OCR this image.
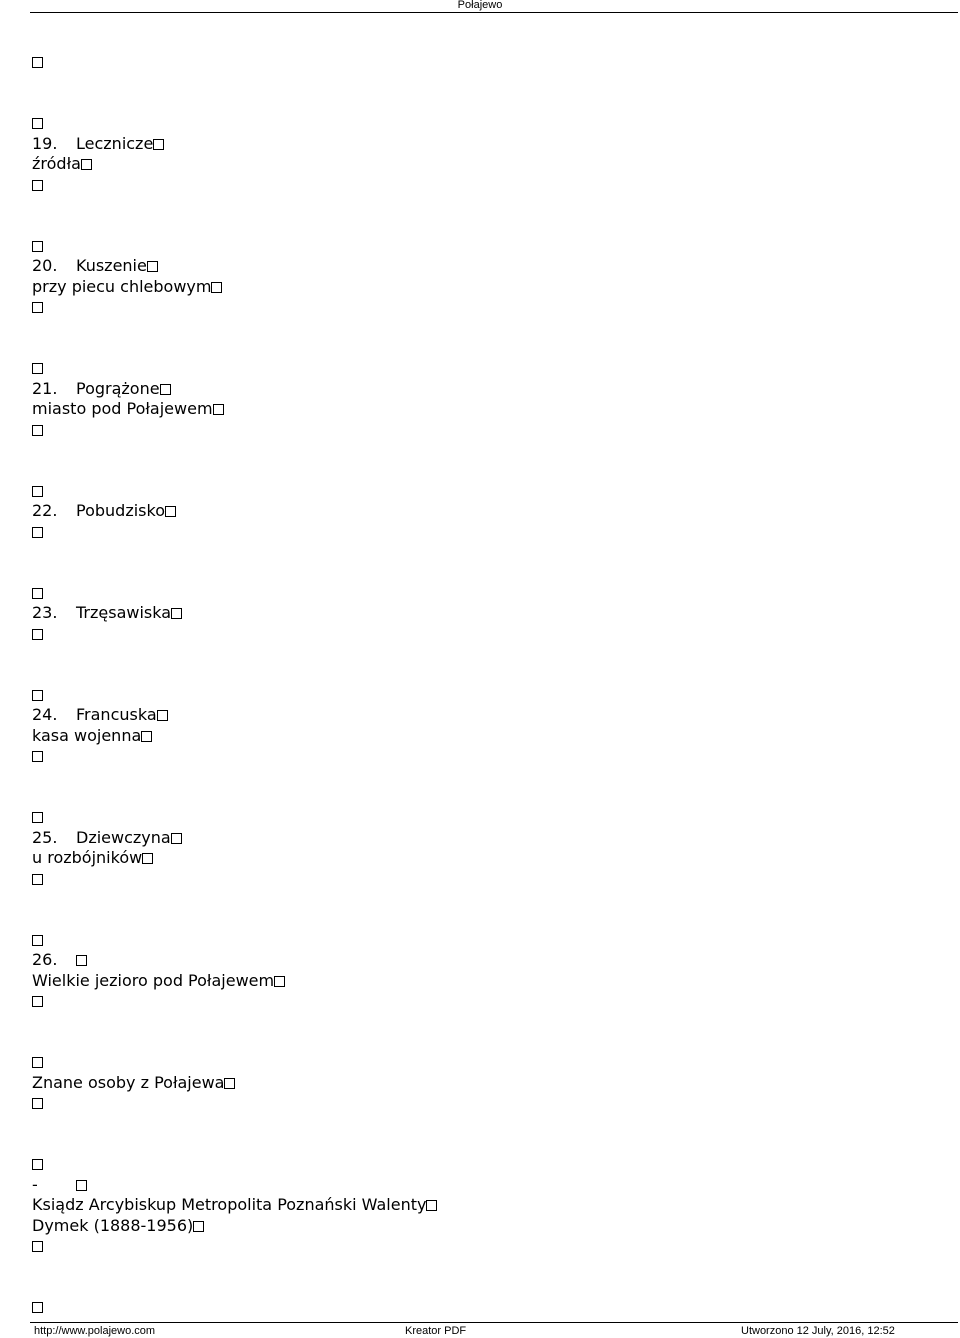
Połajewo
19. Lecznicze
źródła
20. Kuszenie
przy piecu chlebowym
21. Pogrążone
miasto pod Połajewem
22. Pobudzisko
23. Trzęsawiska
24. Francuska
kasa wojenna
25. Dziewczyna
u rozbójników
26.
Wielkie jezioro pod Połajewem
Znane osoby z Połajewa
-
Ksiądz Arcybiskup Metropolita Poznański Walenty
Dymek (1888-1956)
http://www.polajewo.com	Kreator PDF	Utworzono 12 July, 2016, 12:52
